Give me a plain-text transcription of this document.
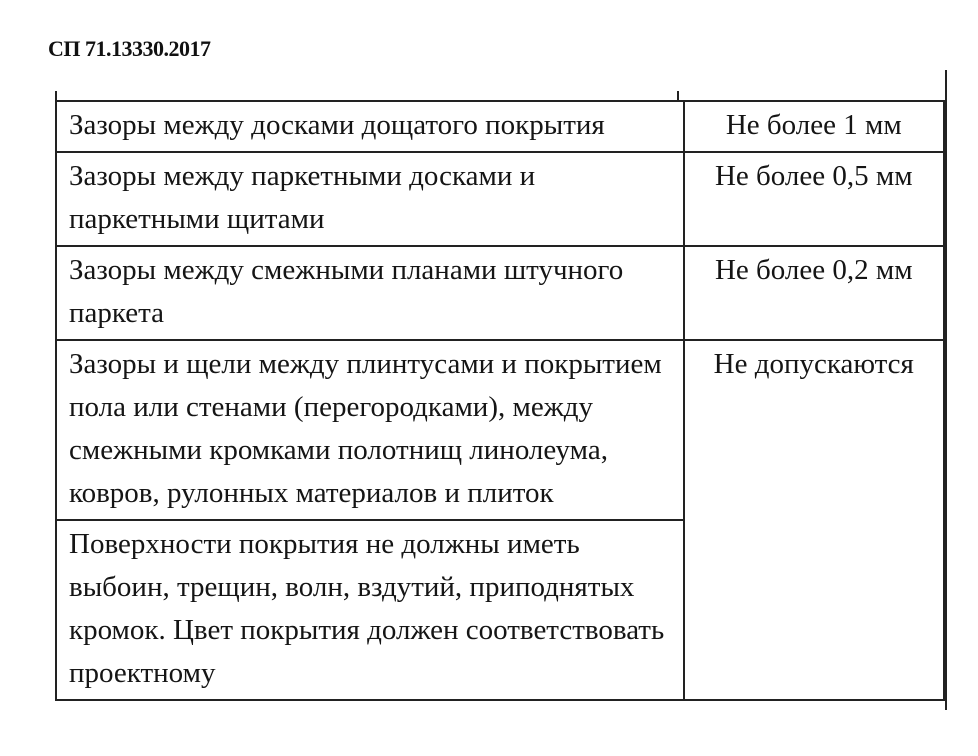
СП 71.13330.2017
Зазоры между досками дощатого покрытия	Не более 1 мм
Зазоры между паркетными досками и паркетными щитами	Не более 0,5 мм
Зазоры между смежными планами штучного паркета	Не более 0,2 мм
Зазоры и щели между плинтусами и покрытием пола или стенами (перегородками), между смежными кромками полотнищ линолеума, ковров, рулонных материалов и плиток	Не допускаются
Поверхности покрытия не должны иметь выбоин, трещин, волн, вздутий, приподнятых кромок. Цвет покрытия должен соответствовать проектному	
